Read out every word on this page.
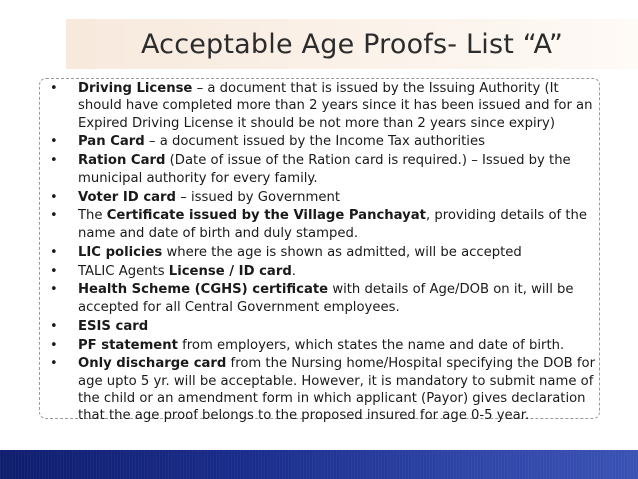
Acceptable Age Proofs- List “A”
• Driving License – a document that is issued by the Issuing Authority (It should have completed more than 2 years since it has been issued and for an Expired Driving License it should be not more than 2 years since expiry)
• Pan Card – a document issued by the Income Tax authorities
• Ration Card (Date of issue of the Ration card is required.) – Issued by the municipal authority for every family.
• Voter ID card – issued by Government
• The Certificate issued by the Village Panchayat, providing details of the name and date of birth and duly stamped.
• LIC policies where the age is shown as admitted, will be accepted
• TALIC Agents License / ID card.
• Health Scheme (CGHS) certificate with details of Age/DOB on it, will be accepted for all Central Government employees.
• ESIS card
• PF statement from employers, which states the name and date of birth.
• Only discharge card from the Nursing home/Hospital specifying the DOB for age upto 5 yr. will be acceptable. However, it is mandatory to submit name of the child or an amendment form in which applicant (Payor) gives declaration that the age proof belongs to the proposed insured for age 0-5 year.
